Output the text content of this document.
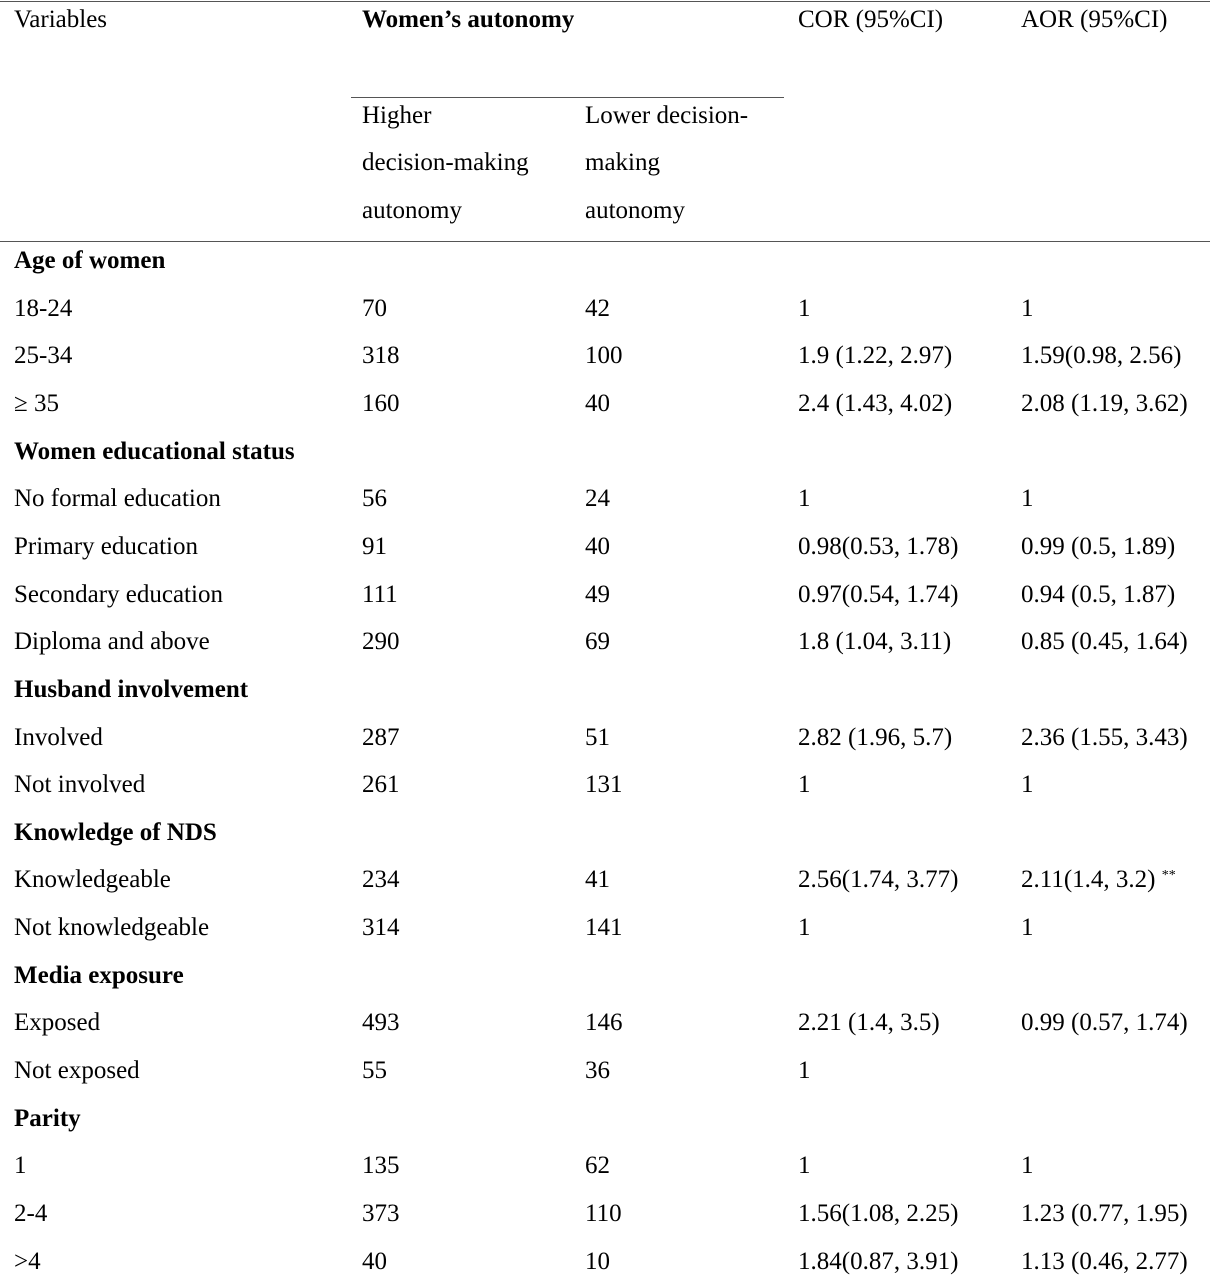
Variables	Women’s autonomy	COR (95%CI)	AOR (95%CI)
Higher
decision-making
autonomy
Lower decision-
making
autonomy
Age of women
18-24	70	42	1	1
25-34	318	100	1.9 (1.22, 2.97)	1.59(0.98, 2.56)
≥ 35	160	40	2.4 (1.43, 4.02)	2.08 (1.19, 3.62)
Women educational status
No formal education	56	24	1	1
Primary education	91	40	0.98(0.53, 1.78)	0.99 (0.5, 1.89)
Secondary education	111	49	0.97(0.54, 1.74)	0.94 (0.5, 1.87)
Diploma and above	290	69	1.8 (1.04, 3.11)	0.85 (0.45, 1.64)
Husband involvement
Involved	287	51	2.82 (1.96, 5.7)	2.36 (1.55, 3.43)
Not involved	261	131	1	1
Knowledge of NDS
Knowledgeable	234	41	2.56(1.74, 3.77)	2.11(1.4, 3.2) **
Not knowledgeable	314	141	1	1
Media exposure
Exposed	493	146	2.21 (1.4, 3.5)	0.99 (0.57, 1.74)
Not exposed	55	36	1
Parity
1	135	62	1	1
2-4	373	110	1.56(1.08, 2.25)	1.23 (0.77, 1.95)
>4	40	10	1.84(0.87, 3.91)	1.13 (0.46, 2.77)
